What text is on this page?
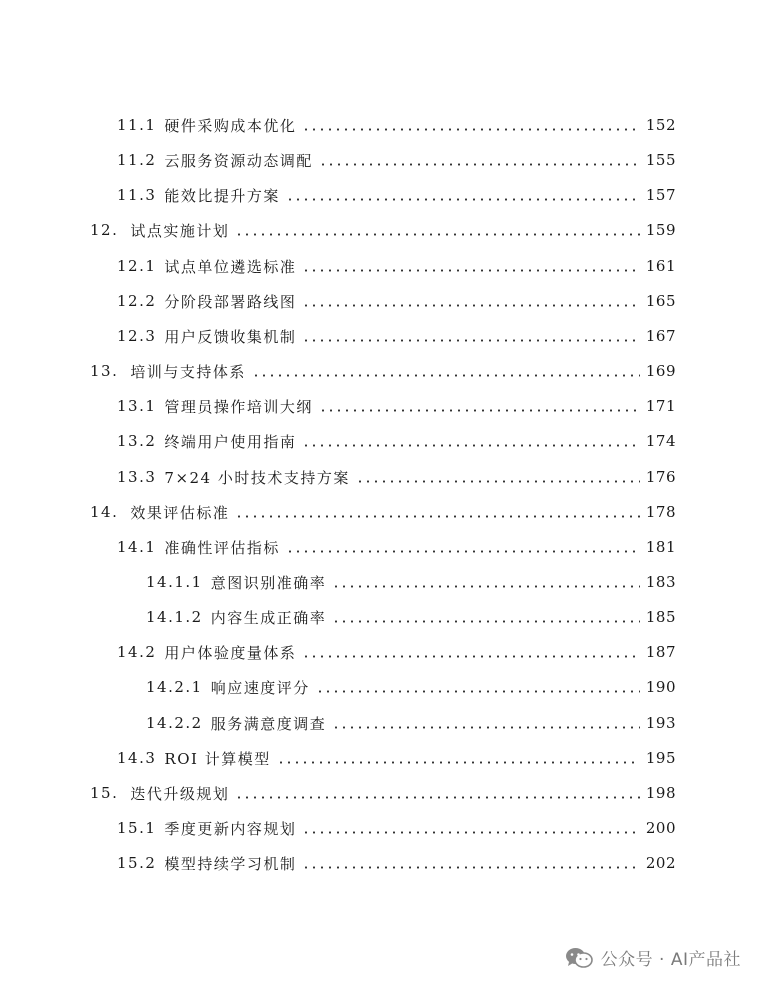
11.1 硬件采购成本优化	152
11.2 云服务资源动态调配	155
11.3 能效比提升方案	157
12. 试点实施计划	159
12.1 试点单位遴选标准	161
12.2 分阶段部署路线图	165
12.3 用户反馈收集机制	167
13. 培训与支持体系	169
13.1 管理员操作培训大纲	171
13.2 终端用户使用指南	174
13.3 7×24 小时技术支持方案	176
14. 效果评估标准	178
14.1 准确性评估指标	181
14.1.1 意图识别准确率	183
14.1.2 内容生成正确率	185
14.2 用户体验度量体系	187
14.2.1 响应速度评分	190
14.2.2 服务满意度调查	193
14.3 ROI 计算模型	195
15. 迭代升级规划	198
15.1 季度更新内容规划	200
15.2 模型持续学习机制	202
公众号 · AI产品社
